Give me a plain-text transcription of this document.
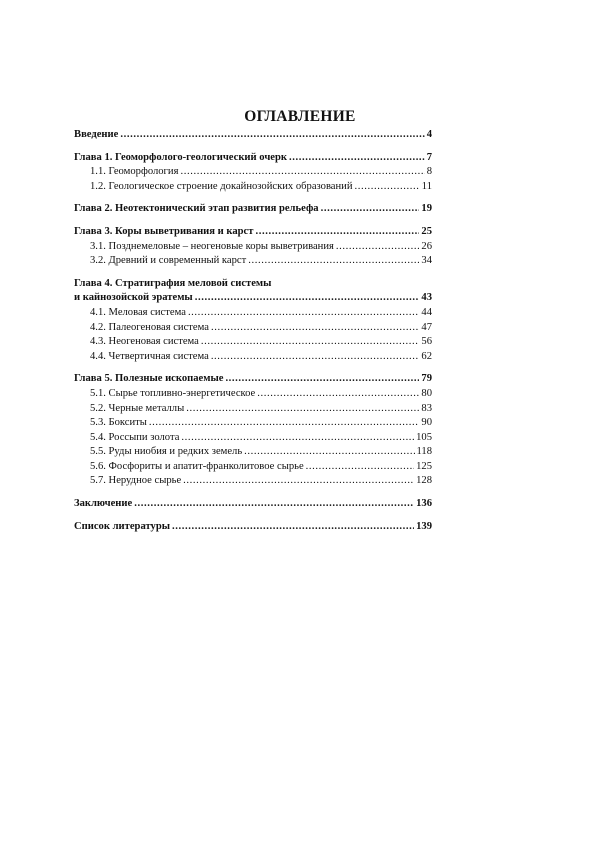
ОГЛАВЛЕНИЕ
Введение .....	4
Глава 1. Геоморфолого-геологический очерк .....	7
1.1. Геоморфология .....	8
1.2. Геологическое строение докайнозойских образований .....	11
Глава 2. Неотектонический этап развития рельефа .....	19
Глава 3. Коры выветривания и карст .....	25
3.1. Позднемеловые – неогеновые коры выветривания .....	26
3.2. Древний и современный карст .....	34
Глава 4. Стратиграфия меловой системы
и кайнозойской эратемы .....	43
4.1. Меловая система .....	44
4.2. Палеогеновая система .....	47
4.3. Неогеновая система .....	56
4.4. Четвертичная система .....	62
Глава 5. Полезные ископаемые .....	79
5.1. Сырье топливно-энергетическое .....	80
5.2. Черные металлы .....	83
5.3. Бокситы .....	90
5.4. Россыпи золота .....	105
5.5. Руды ниобия и редких земель .....	118
5.6. Фосфориты и апатит-франколитовое сырье .....	125
5.7. Нерудное сырье .....	128
Заключение .....	136
Список литературы .....	139
